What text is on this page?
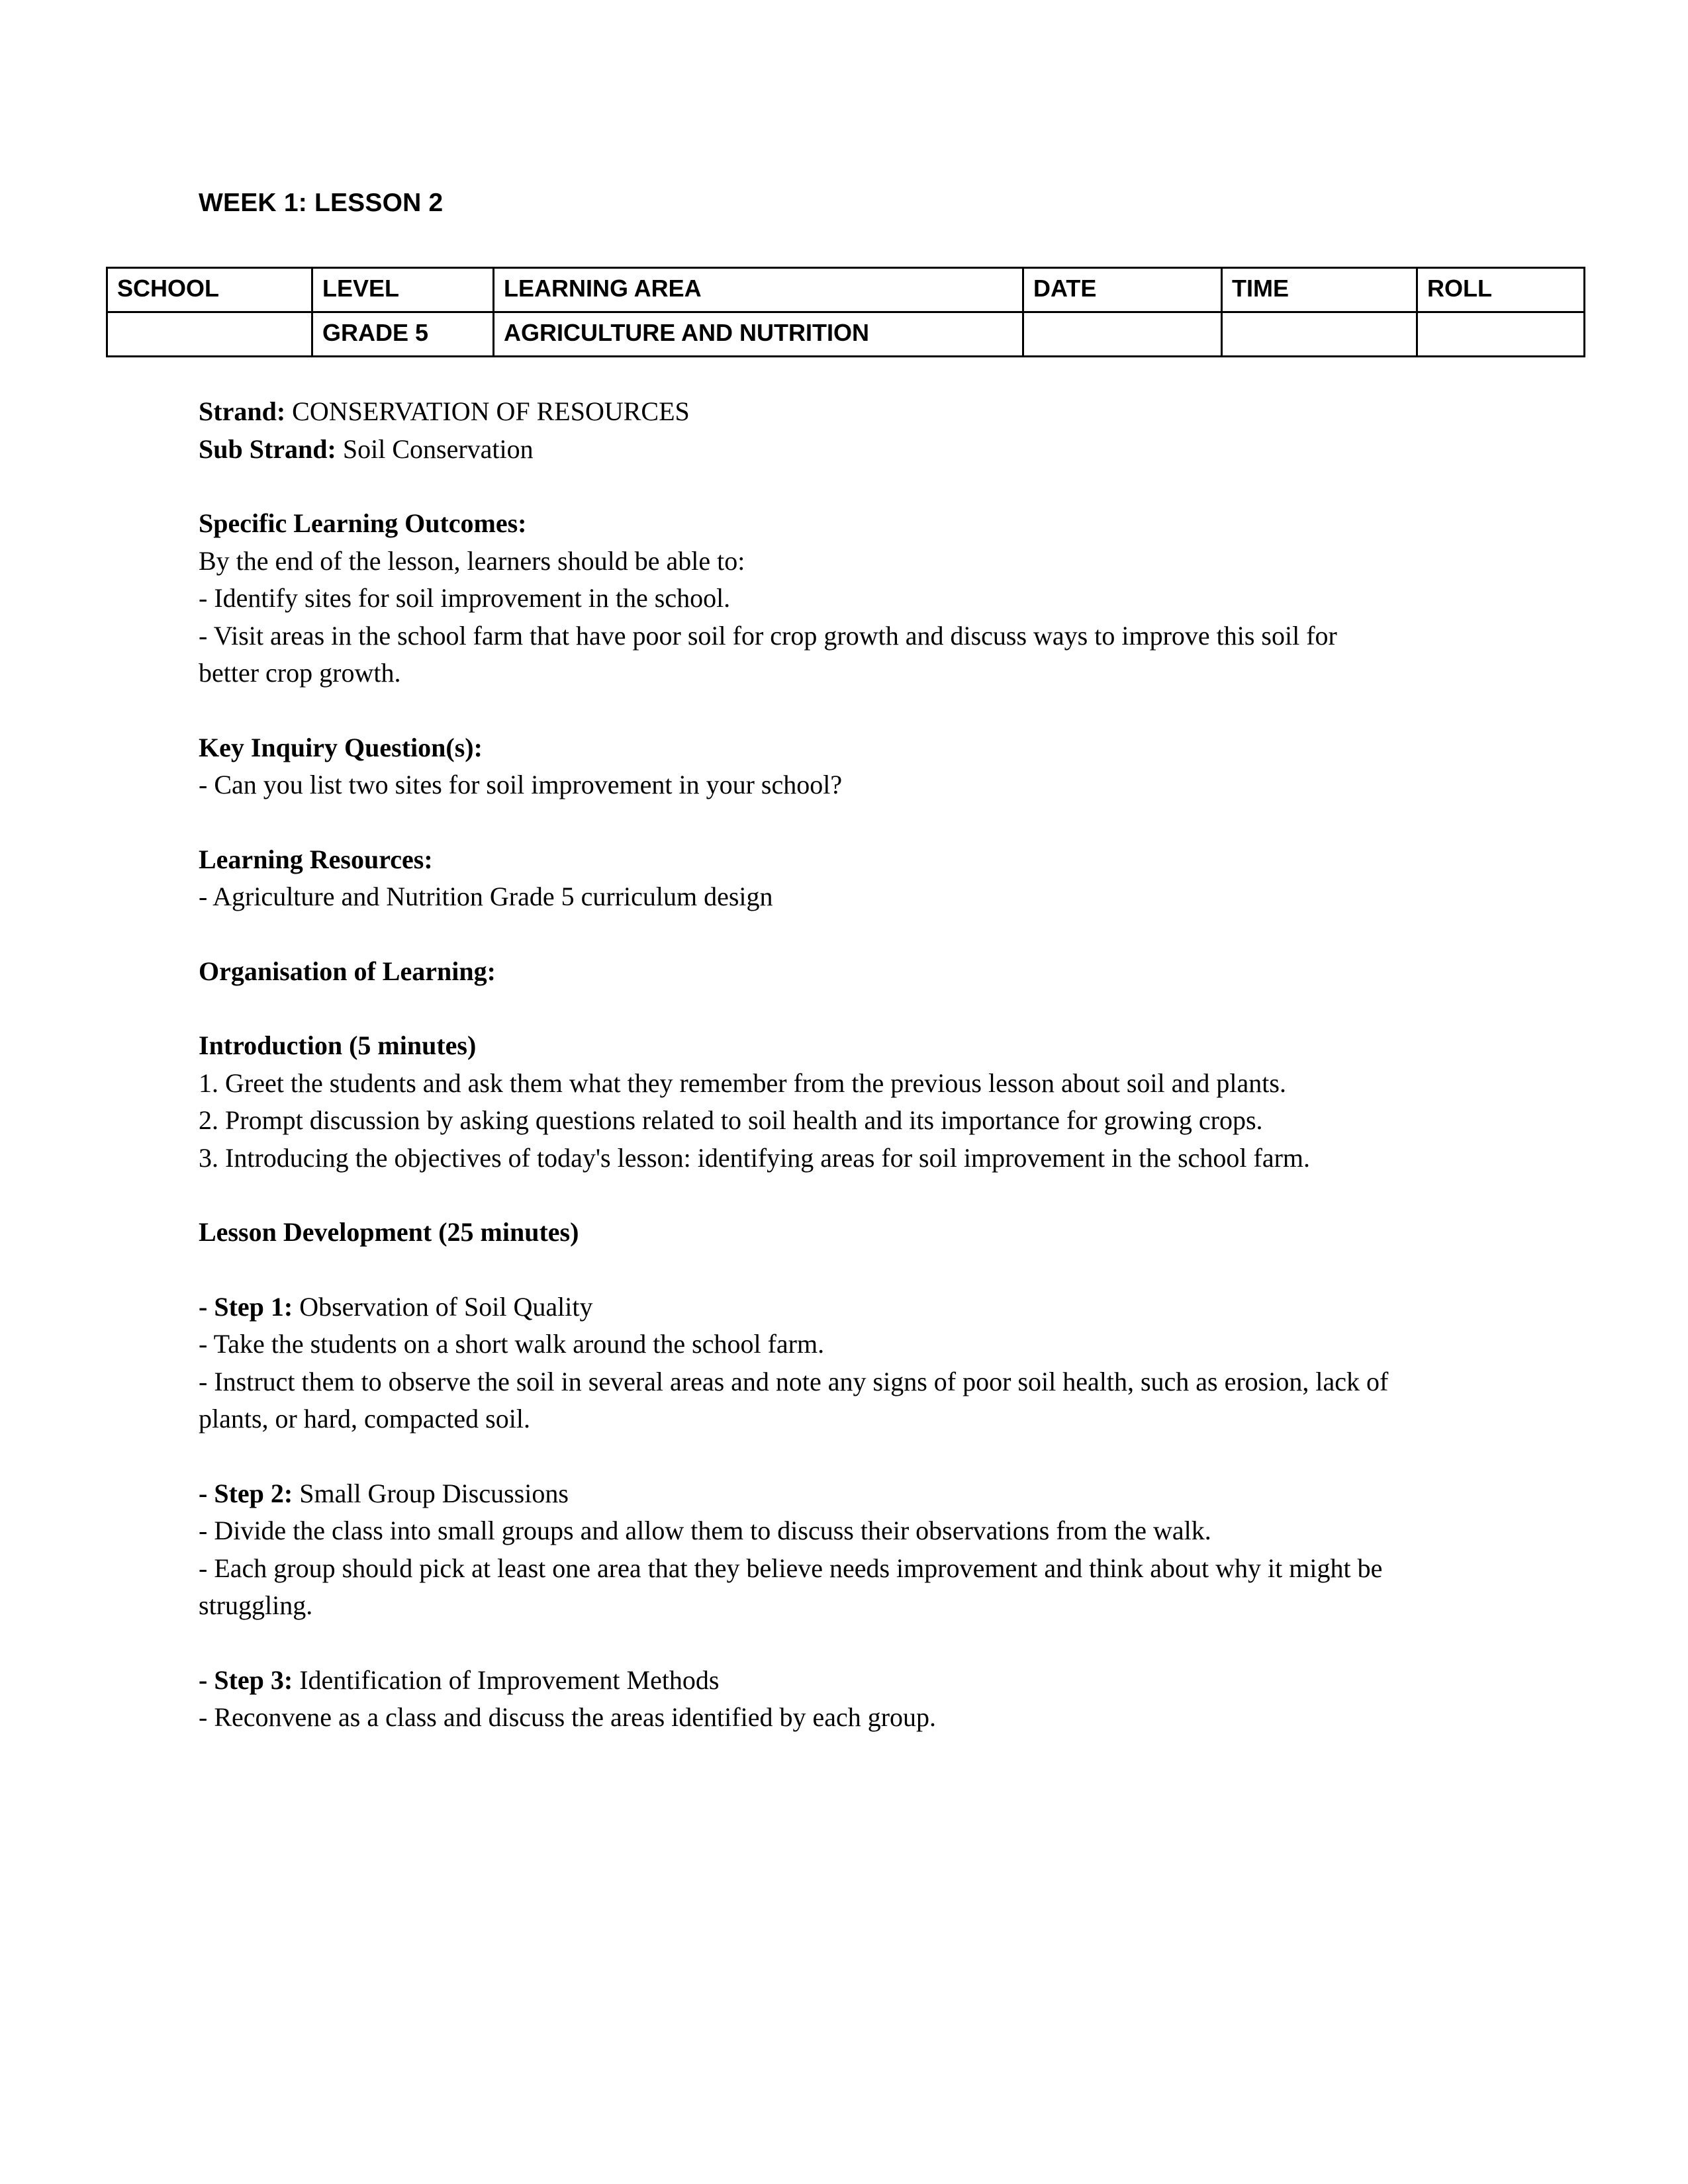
WEEK 1: LESSON 2
SCHOOL	LEVEL	LEARNING AREA	DATE	TIME	ROLL
	GRADE 5	AGRICULTURE AND NUTRITION			

Strand: CONSERVATION OF RESOURCES

Sub Strand: Soil Conservation

Specific Learning Outcomes:

By the end of the lesson, learners should be able to:

- Identify sites for soil improvement in the school.

- Visit areas in the school farm that have poor soil for crop growth and discuss ways to improve this soil for better crop growth.

Key Inquiry Question(s):

- Can you list two sites for soil improvement in your school?

Learning Resources:

- Agriculture and Nutrition Grade 5 curriculum design

Organisation of Learning:

Introduction (5 minutes)

1. Greet the students and ask them what they remember from the previous lesson about soil and plants.

2. Prompt discussion by asking questions related to soil health and its importance for growing crops.

3. Introducing the objectives of today's lesson: identifying areas for soil improvement in the school farm.

Lesson Development (25 minutes)

- Step 1: Observation of Soil Quality

- Take the students on a short walk around the school farm.

- Instruct them to observe the soil in several areas and note any signs of poor soil health, such as erosion, lack of plants, or hard, compacted soil.

- Step 2: Small Group Discussions

- Divide the class into small groups and allow them to discuss their observations from the walk.

- Each group should pick at least one area that they believe needs improvement and think about why it might be struggling.

- Step 3: Identification of Improvement Methods

- Reconvene as a class and discuss the areas identified by each group.
